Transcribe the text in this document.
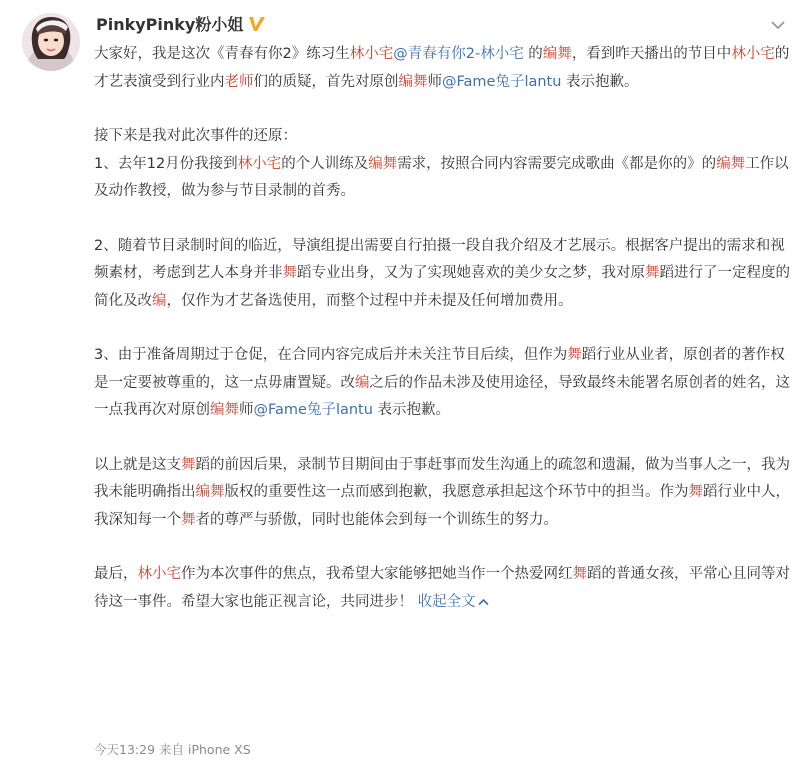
PinkyPinky粉小姐

大家好，我是这次《青春有你2》练习生林小宅@青春有你2-林小宅 的编舞，看到昨天播出的节目中林小宅的才艺表演受到行业内老师们的质疑，首先对原创编舞师@Fame兔子lantu 表示抱歉。

接下来是我对此次事件的还原：
1、去年12月份我接到林小宅的个人训练及编舞需求，按照合同内容需要完成歌曲《都是你的》的编舞工作以及动作教授，做为参与节目录制的首秀。

2、随着节目录制时间的临近，导演组提出需要自行拍摄一段自我介绍及才艺展示。根据客户提出的需求和视频素材，考虑到艺人本身并非舞蹈专业出身，又为了实现她喜欢的美少女之梦，我对原舞蹈进行了一定程度的简化及改编，仅作为才艺备选使用，而整个过程中并未提及任何增加费用。

3、由于准备周期过于仓促，在合同内容完成后并未关注节目后续，但作为舞蹈行业从业者，原创者的著作权是一定要被尊重的，这一点毋庸置疑。改编之后的作品未涉及使用途径，导致最终未能署名原创者的姓名，这一点我再次对原创编舞师@Fame兔子lantu 表示抱歉。

以上就是这支舞蹈的前因后果，录制节目期间由于事赶事而发生沟通上的疏忽和遗漏，做为当事人之一，我为我未能明确指出编舞版权的重要性这一点而感到抱歉，我愿意承担起这个环节中的担当。作为舞蹈行业中人，我深知每一个舞者的尊严与骄傲，同时也能体会到每一个训练生的努力。

最后，林小宅作为本次事件的焦点，我希望大家能够把她当作一个热爱网红舞蹈的普通女孩，平常心且同等对待这一事件。希望大家也能正视言论，共同进步！ 收起全文

今天13:29 来自 iPhone XS
